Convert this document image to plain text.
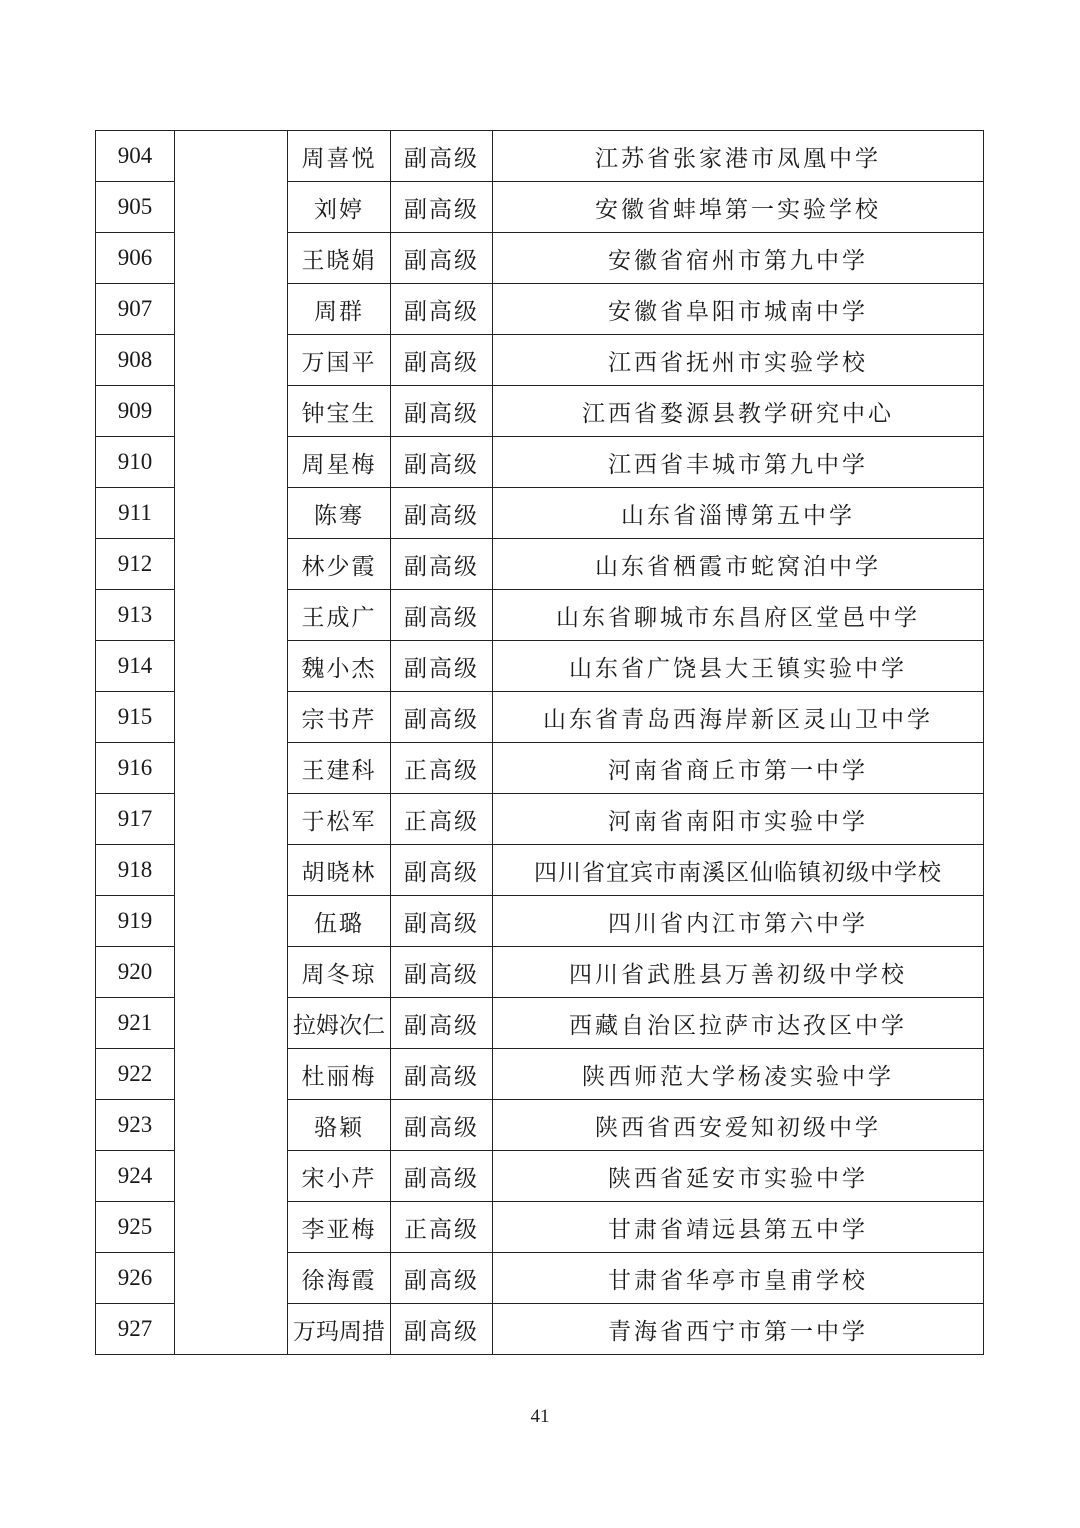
904		周喜悦	副高级	江苏省张家港市凤凰中学
905		刘婷	副高级	安徽省蚌埠第一实验学校
906		王晓娟	副高级	安徽省宿州市第九中学
907		周群	副高级	安徽省阜阳市城南中学
908		万国平	副高级	江西省抚州市实验学校
909		钟宝生	副高级	江西省婺源县教学研究中心
910		周星梅	副高级	江西省丰城市第九中学
911		陈骞	副高级	山东省淄博第五中学
912		林少霞	副高级	山东省栖霞市蛇窝泊中学
913		王成广	副高级	山东省聊城市东昌府区堂邑中学
914		魏小杰	副高级	山东省广饶县大王镇实验中学
915		宗书芹	副高级	山东省青岛西海岸新区灵山卫中学
916		王建科	正高级	河南省商丘市第一中学
917		于松军	正高级	河南省南阳市实验中学
918		胡晓林	副高级	四川省宜宾市南溪区仙临镇初级中学校
919		伍璐	副高级	四川省内江市第六中学
920		周冬琼	副高级	四川省武胜县万善初级中学校
921		拉姆次仁	副高级	西藏自治区拉萨市达孜区中学
922		杜丽梅	副高级	陕西师范大学杨凌实验中学
923		骆颖	副高级	陕西省西安爱知初级中学
924		宋小芹	副高级	陕西省延安市实验中学
925		李亚梅	正高级	甘肃省靖远县第五中学
926		徐海霞	副高级	甘肃省华亭市皇甫学校
927		万玛周措	副高级	青海省西宁市第一中学
41
